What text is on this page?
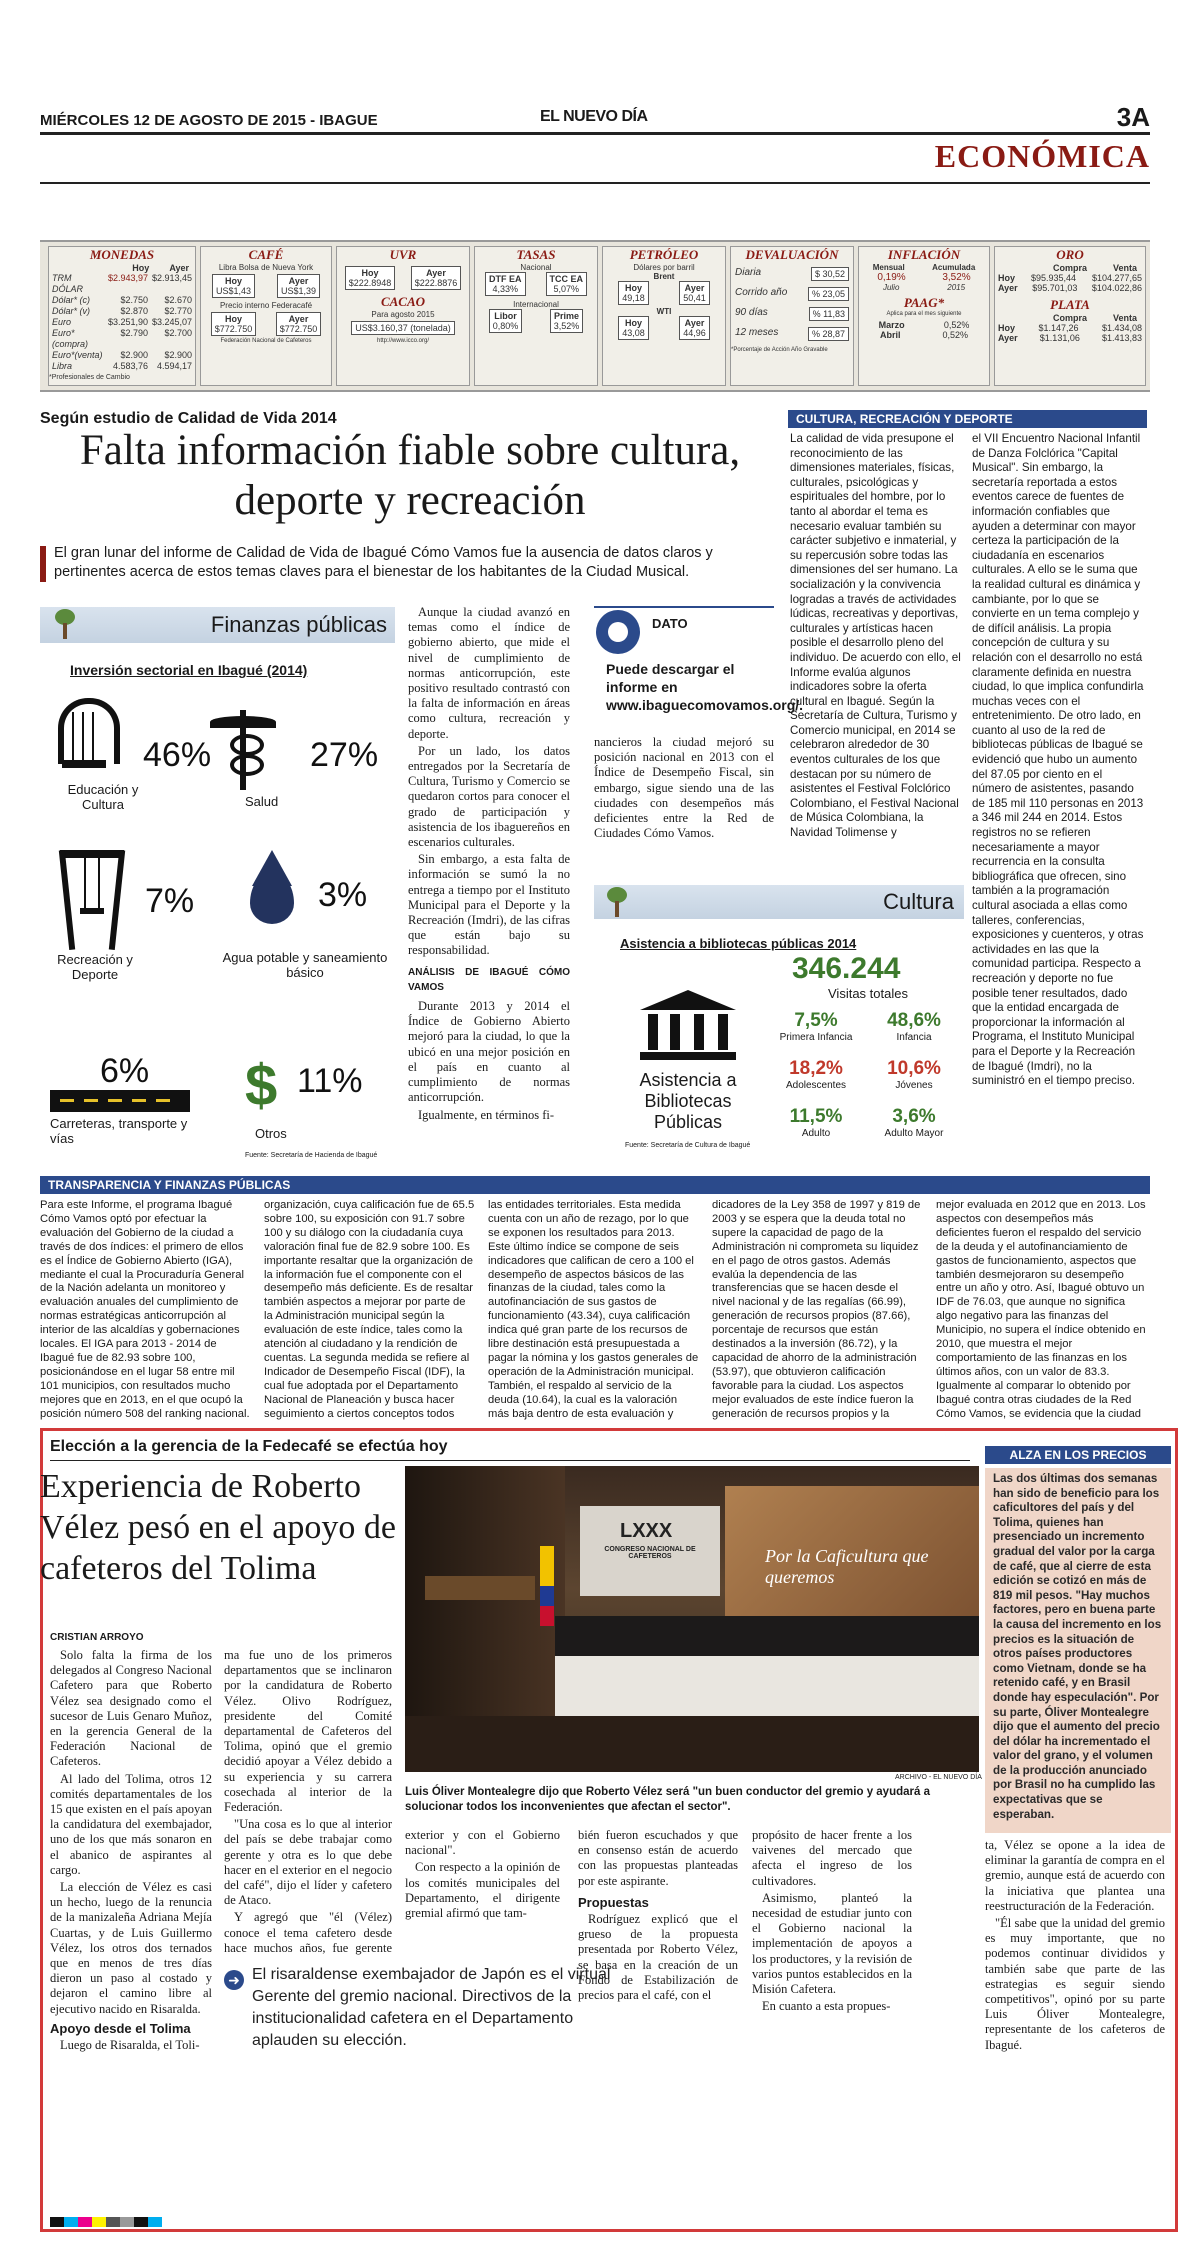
MIÉRCOLES 12 DE AGOSTO DE 2015 - IBAGUE	EL NUEVO DÍA	3A
ECONÓMICA
MONEDAS
Hoy Ayer
TRM DÓLAR
$2.943,97 $2.913,45
Dólar* (c)	$2.750 $2.670
Dólar* (v)	$2.870 $2.770
Euro	$3.251,90 $3.245,07
Euro*(compra)
$2.790 $2.700
Euro*(venta) $2.900 $2.900
Libra	4.583,76 4.594,17
*Profesionales de Cambio
CAFÉ
Libra Bolsa de Nueva York
Hoy
US$1,43
Ayer
US$1,39
Precio interno Federacafé
Hoy
$772.750
Ayer
$772.750
Federación Nacional de Cafeteros
UVR
Hoy
$222.8948
Ayer
$222.8876
CACAO
Para agosto 2015
US$3.160,37 (tonelada)
http://www.icco.org/
TASAS
Nacional
DTF EA
4,33%
TCC EA
5,07%
Internacional
Libor
0,80%
Prime
3,52%
PETRÓLEO
Dólares por barril
Brent
Hoy
49,18
Ayer
50,41
WTI
Hoy
43,08
Ayer
44,96
DEVALUACIÓN
Diaria	$ 30,52
Corrido año	% 23,05
90 días	% 11,83
12 meses	% 28,87
*Porcentaje de Acción Año Gravable
INFLACIÓN
Mensual	Acumulada
0,19%	3,52%
Julio	2015
PAAG*
Aplica para el mes siguiente
Marzo	0,52%
Abril	0,52%
ORO
Compra	Venta
Hoy $95.935,44 $104.277,65
Ayer $95.701,03 $104.022,86
PLATA
Compra	Venta
Hoy	$1.147,26	$1.434,08
Ayer $1.131,06 $1.413,83
Según estudio de Calidad de Vida 2014
Falta información fiable sobre cultura, deporte y recreación
El gran lunar del informe de Calidad de Vida de Ibagué Cómo Vamos fue la ausencia de datos claros y pertinentes acerca de estos temas claves para el bienestar de los habitantes de la Ciudad Musical.
Finanzas públicas
Inversión sectorial en Ibagué (2014)
46%
Educación y Cultura
27%
Salud
7%
Recreación y Deporte
3%
Agua potable y saneamiento básico
6%
Carreteras, transporte y vías
$ 11%
Otros
Fuente: Secretaría de Hacienda de Ibagué

Aunque la ciudad avanzó en temas como el índice de gobierno abierto, que mide el nivel de cumplimiento de normas anticorrupción, este positivo resultado contrastó con la falta de información en áreas como cultura, recreación y deporte.

Por un lado, los datos entregados por la Secretaría de Cultura, Turismo y Comercio se quedaron cortos para conocer el grado de participación y asistencia de los ibaguereños en escenarios culturales.

Sin embargo, a esta falta de información se sumó la no entrega a tiempo por el Instituto Municipal para el Deporte y la Recreación (Imdri), de las cifras que están bajo su responsabilidad.

ANÁLISIS DE IBAGUÉ CÓMO VAMOS

Durante 2013 y 2014 el Índice de Gobierno Abierto mejoró para la ciudad, lo que la ubicó en una mejor posición en el país en cuanto al cumplimiento de normas anticorrupción.

Igualmente, en términos fi-

DATO
Puede descargar el informe en www.ibaguecomovamos.org/.

nancieros la ciudad mejoró su posición nacional en 2013 con el Índice de Desempeño Fiscal, sin embargo, sigue siendo una de las ciudades con desempeños más deficientes entre la Red de Ciudades Cómo Vamos.

Cultura
Asistencia a bibliotecas públicas 2014
346.244
Visitas totales
Asistencia a Bibliotecas Públicas
7,5%
Primera Infancia
48,6%
Infancia
18,2%
Adolescentes
10,6%
Jóvenes
11,5%
Adulto
3,6%
Adulto Mayor
Fuente: Secretaría de Cultura de Ibagué
CULTURA, RECREACIÓN Y DEPORTE

La calidad de vida presupone el reconocimiento de las dimensiones materiales, físicas, culturales, psicológicas y espirituales del hombre, por lo tanto al abordar el tema es necesario evaluar también su carácter subjetivo e inmaterial, y su repercusión sobre todas las dimensiones del ser humano. La socialización y la convivencia logradas a través de actividades lúdicas, recreativas y deportivas, culturales y artísticas hacen posible el desarrollo pleno del individuo. De acuerdo con ello, el Informe evalúa algunos indicadores sobre la oferta cultural en Ibagué. Según la Secretaría de Cultura, Turismo y Comercio municipal, en 2014 se celebraron alrededor de 30 eventos culturales de los que destacan por su número de asistentes el Festival Folclórico Colombiano, el Festival Nacional de Música Colombiana, la Navidad Tolimense y

el VII Encuentro Nacional Infantil de Danza Folclórica "Capital Musical". Sin embargo, la secretaría reportada a estos eventos carece de fuentes de información confiables que ayuden a determinar con mayor certeza la participación de la ciudadanía en escenarios culturales. A ello se le suma que la realidad cultural es dinámica y cambiante, por lo que se convierte en un tema complejo y de difícil análisis. La propia concepción de cultura y su relación con el desarrollo no está claramente definida en nuestra ciudad, lo que implica confundirla muchas veces con el entretenimiento. De otro lado, en cuanto al uso de la red de bibliotecas públicas de Ibagué se evidenció que hubo un aumento del 87.05 por ciento en el número de asistentes, pasando de 185 mil 110 personas en 2013 a 346 mil 244 en 2014. Estos registros no se refieren necesariamente a mayor recurrencia en la consulta bibliográfica que ofrecen, sino también a la programación cultural asociada a ellas como talleres, conferencias, exposiciones y cuenteros, y otras actividades en las que la comunidad participa. Respecto a recreación y deporte no fue posible tener resultados, dado que la entidad encargada de proporcionar la información al Programa, el Instituto Municipal para el Deporte y la Recreación de Ibagué (Imdri), no la suministró en el tiempo preciso.

TRANSPARENCIA Y FINANZAS PÚBLICAS

Para este Informe, el programa Ibagué Cómo Vamos optó por efectuar la evaluación del Gobierno de la ciudad a través de dos índices: el primero de ellos es el Índice de Gobierno Abierto (IGA), mediante el cual la Procuraduría General de la Nación adelanta un monitoreo y evaluación anuales del cumplimiento de normas estratégicas anticorrupción al interior de las alcaldías y gobernaciones locales. El IGA para 2013 - 2014 de Ibagué fue de 82.93 sobre 100, posicionándose en el lugar 58 entre mil 101 municipios, con resultados mucho mejores que en 2013, en el que ocupó la posición número 508 del ranking nacional.

organización, cuya calificación fue de 65.5 sobre 100, su exposición con 91.7 sobre 100 y su diálogo con la ciudadanía cuya valoración final fue de 82.9 sobre 100. Es importante resaltar que la organización de la información fue el componente con el desempeño más deficiente. Es de resaltar también aspectos a mejorar por parte de la Administración municipal según la evaluación de este índice, tales como la atención al ciudadano y la rendición de cuentas. La segunda medida se refiere al Indicador de Desempeño Fiscal (IDF), la cual fue adoptada por el Departamento Nacional de Planeación y busca hacer seguimiento a ciertos conceptos todos

las entidades territoriales. Esta medida cuenta con un año de rezago, por lo que se exponen los resultados para 2013. Este último índice se compone de seis indicadores que califican de cero a 100 el desempeño de aspectos básicos de las finanzas de la ciudad, tales como la autofinanciación de sus gastos de funcionamiento (43.34), cuya calificación indica qué gran parte de los recursos de libre destinación está presupuestada a pagar la nómina y los gastos generales de operación de la Administración municipal. También, el respaldo al servicio de la deuda (10.64), la cual es la valoración más baja dentro de esta evaluación y

dicadores de la Ley 358 de 1997 y 819 de 2003 y se espera que la deuda total no supere la capacidad de pago de la Administración ni comprometa su liquidez en el pago de otros gastos. Además evalúa la dependencia de las transferencias que se hacen desde el nivel nacional y de las regalías (66.99), generación de recursos propios (87.66), porcentaje de recursos que están destinados a la inversión (86.72), y la capacidad de ahorro de la administración (53.97), que obtuvieron calificación favorable para la ciudad. Los aspectos mejor evaluados de este índice fueron la generación de recursos propios y la

mejor evaluada en 2012 que en 2013. Los aspectos con desempeños más deficientes fueron el respaldo del servicio de la deuda y el autofinanciamiento de gastos de funcionamiento, aspectos que también desmejoraron su desempeño entre un año y otro. Así, Ibagué obtuvo un IDF de 76.03, que aunque no significa algo negativo para las finanzas del Municipio, no supera el índice obtenido en 2010, que muestra el mejor comportamiento de las finanzas en los últimos años, con un valor de 83.3. Igualmente al comparar lo obtenido por Ibagué contra otras ciudades de la Red Cómo Vamos, se evidencia que la ciudad

Elección a la gerencia de la Fedecafé se efectúa hoy
Experiencia de Roberto Vélez pesó en el apoyo de cafeteros del Tolima
CRISTIAN ARROYO

Solo falta la firma de los delegados al Congreso Nacional Cafetero para que Roberto Vélez sea designado como el sucesor de Luis Genaro Muñoz, en la gerencia General de la Federación Nacional de Cafeteros.

Al lado del Tolima, otros 12 comités departamentales de los 15 que existen en el país apoyan la candidatura del exembajador, uno de los que más sonaron en el abanico de aspirantes al cargo.

La elección de Vélez es casi un hecho, luego de la renuncia de la manizaleña Adriana Mejía Cuartas, y de Luis Guillermo Vélez, los otros dos ternados que en menos de tres días dieron un paso al costado y dejaron el camino libre al ejecutivo nacido en Risaralda.

Apoyo desde el Tolima

Luego de Risaralda, el Toli-

ma fue uno de los primeros departamentos que se inclinaron por la candidatura de Roberto Vélez. Olivo Rodríguez, presidente del Comité departamental de Cafeteros del Tolima, opinó que el gremio decidió apoyar a Vélez debido a su experiencia y su carrera cosechada al interior de la Federación.

"Una cosa es lo que al interior del país se debe trabajar como gerente y otra es lo que debe hacer en el exterior en el negocio del café", dijo el líder y cafetero de Ataco.

Y agregó que "él (Vélez) conoce el tema cafetero desde hace muchos años, fue gerente

LXXX
CONGRESO NACIONAL DE CAFETEROS	Por la Caficultura que queremos
ARCHIVO - EL NUEVO DÍA
Luis Óliver Montealegre dijo que Roberto Vélez será "un buen conductor del gremio y ayudará a solucionar todos los inconvenientes que afectan el sector".

exterior y con el Gobierno nacional".

Con respecto a la opinión de los comités municipales del Departamento, el dirigente gremial afirmó que tam-

bién fueron escuchados y que en consenso están de acuerdo con las propuestas planteadas por este aspirante.

Propuestas

Rodríguez explicó que el grueso de la propuesta presentada por Roberto Vélez, se basa en la creación de un Fondo de Estabilización de precios para el café, con el

propósito de hacer frente a los vaivenes del mercado que afecta el ingreso de los cultivadores.

Asimismo, planteó la necesidad de estudiar junto con el Gobierno nacional la implementación de apoyos a los productores, y la revisión de varios puntos establecidos en la Misión Cafetera.

En cuanto a esta propues-

➜ El risaraldense exembajador de Japón es el virtual Gerente del gremio nacional. Directivos de la institucionalidad cafetera en el Departamento aplauden su elección.
ALZA EN LOS PRECIOS
Las dos últimas dos semanas han sido de beneficio para los caficultores del país y del Tolima, quienes han presenciado un incremento gradual del valor por la carga de café, que al cierre de esta edición se cotizó en más de 819 mil pesos. "Hay muchos factores, pero en buena parte la causa del incremento en los precios es la situación de otros países productores como Vietnam, donde se ha retenido café, y en Brasil donde hay especulación". Por su parte, Óliver Montealegre dijo que el aumento del precio del dólar ha incrementado el valor del grano, y el volumen de la producción anunciado por Brasil no ha cumplido las expectativas que se esperaban.

ta, Vélez se opone a la idea de eliminar la garantía de compra en el gremio, aunque está de acuerdo con la iniciativa que plantea una reestructuración de la Federación.

"Él sabe que la unidad del gremio es muy importante, que no podemos continuar divididos y también sabe que parte de las estrategias es seguir siendo competitivos", opinó por su parte Luis Óliver Montealegre, representante de los cafeteros de Ibagué.
